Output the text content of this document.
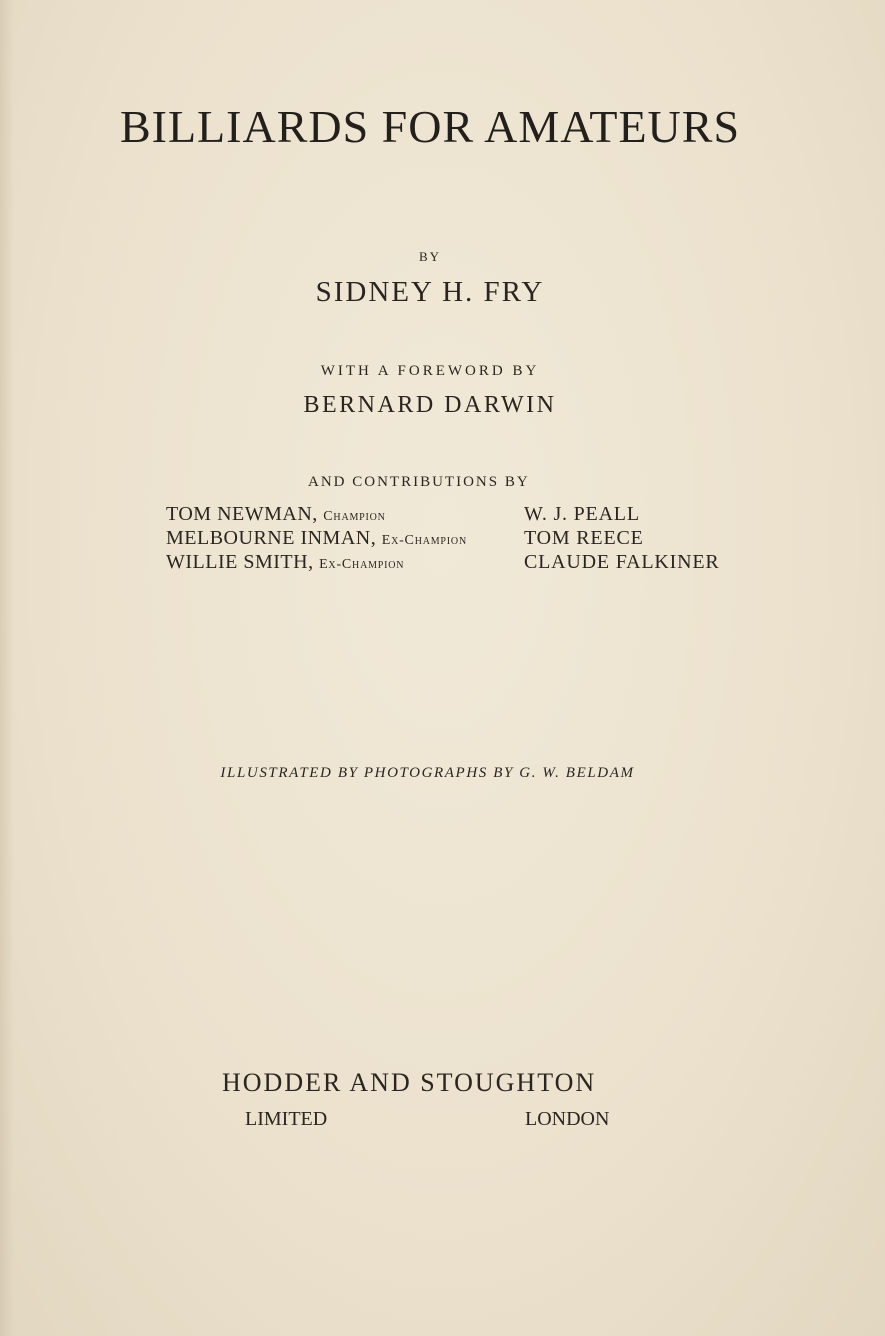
BILLIARDS FOR AMATEURS
BY
SIDNEY H. FRY
WITH A FOREWORD BY
BERNARD DARWIN
AND CONTRIBUTIONS BY
TOM NEWMAN, Champion
MELBOURNE INMAN, Ex-Champion
WILLIE SMITH, Ex-Champion
W. J. PEALL
TOM REECE
CLAUDE FALKINER
ILLUSTRATED BY PHOTOGRAPHS BY G. W. BELDAM
HODDER AND STOUGHTON
LIMITED	LONDON
